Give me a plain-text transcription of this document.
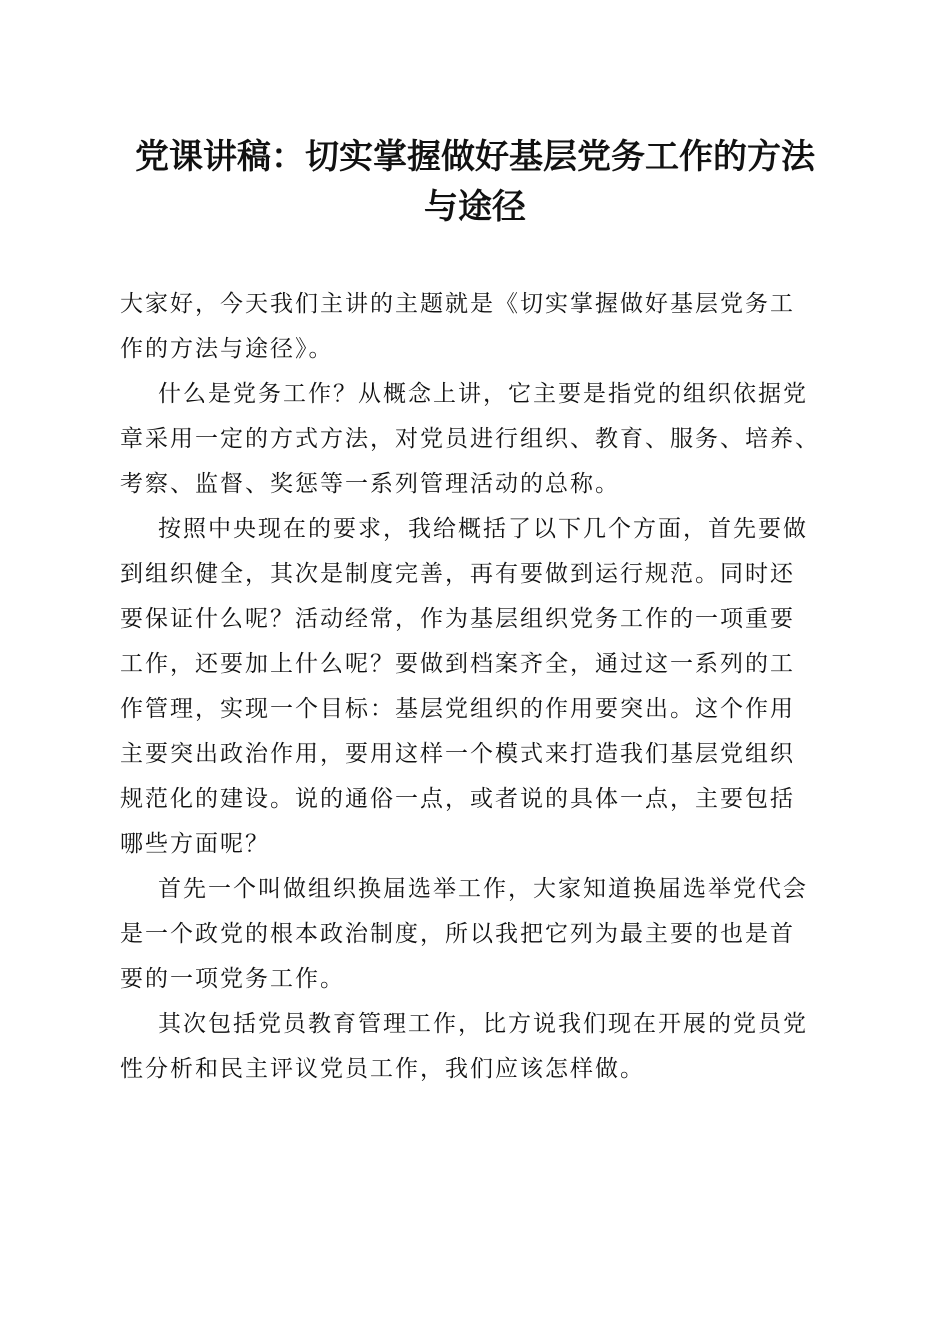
党课讲稿：切实掌握做好基层党务工作的方法
与途径

大家好，今天我们主讲的主题就是《切实掌握做好基层党务工
作的方法与途径》。

什么是党务工作？从概念上讲，它主要是指党的组织依据党
章采用一定的方式方法，对党员进行组织、教育、服务、培养、
考察、监督、奖惩等一系列管理活动的总称。

按照中央现在的要求，我给概括了以下几个方面，首先要做
到组织健全，其次是制度完善，再有要做到运行规范。同时还
要保证什么呢？活动经常，作为基层组织党务工作的一项重要
工作，还要加上什么呢？要做到档案齐全，通过这一系列的工
作管理，实现一个目标：基层党组织的作用要突出。这个作用
主要突出政治作用，要用这样一个模式来打造我们基层党组织
规范化的建设。说的通俗一点，或者说的具体一点，主要包括
哪些方面呢？

首先一个叫做组织换届选举工作，大家知道换届选举党代会
是一个政党的根本政治制度，所以我把它列为最主要的也是首
要的一项党务工作。

其次包括党员教育管理工作，比方说我们现在开展的党员党
性分析和民主评议党员工作，我们应该怎样做。
